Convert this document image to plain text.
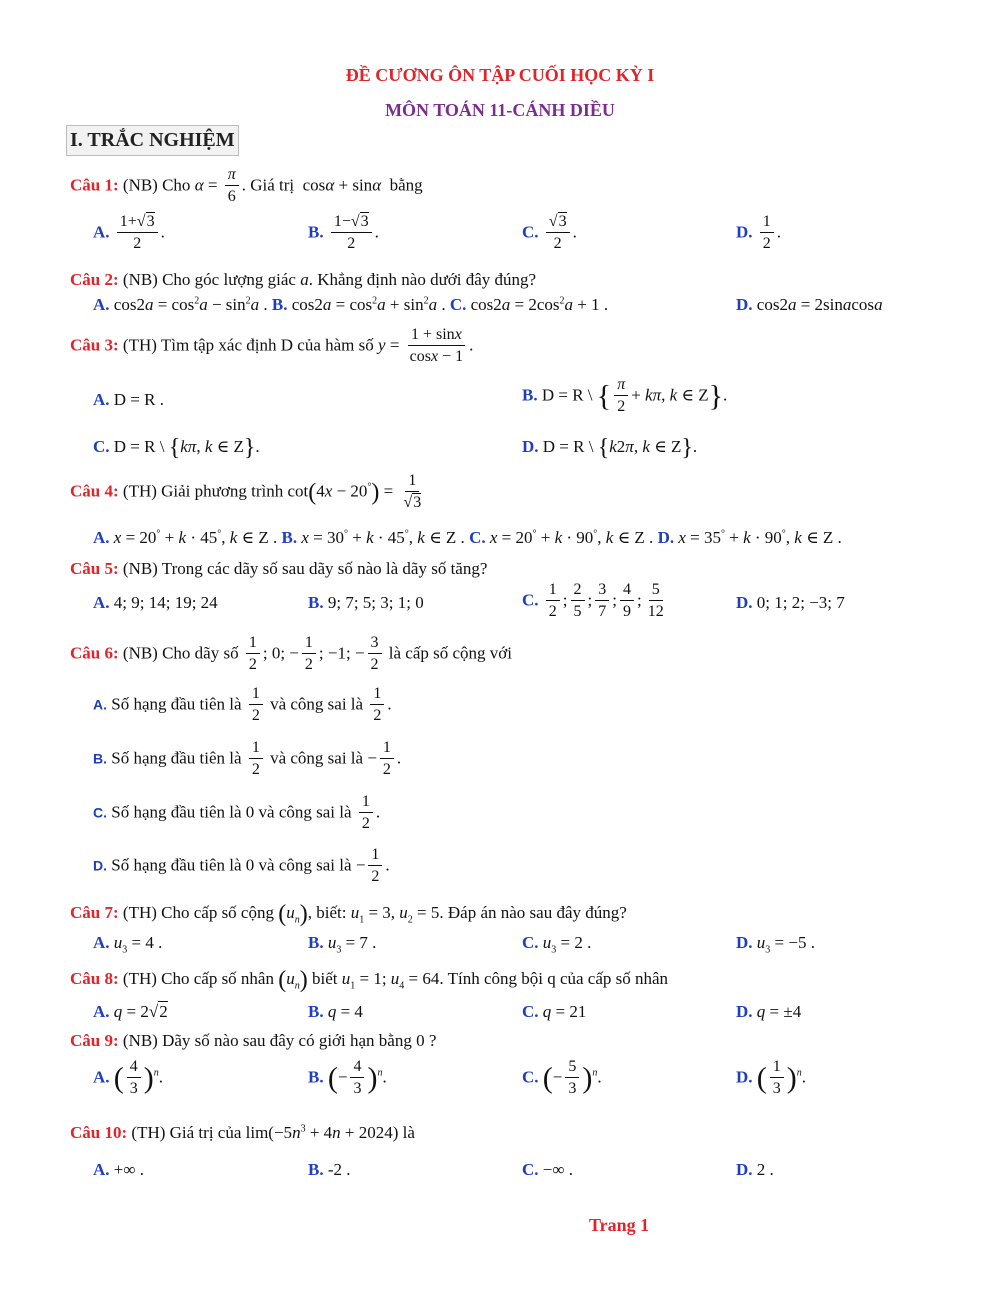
ĐỀ CƯƠNG ÔN TẬP CUỐI HỌC KỲ I
MÔN TOÁN 11-CÁNH DIỀU
I. TRẮC NGHIỆM
Câu 1: (NB) Cho $\alpha = \frac{\pi}{6}$ . Giá trị  cosα + sinα bằng
A. $\frac{1+√3}{2}$ .	B. $\frac{1-√3}{2}$ .	C. $\frac{√3}{2}$ .	D. $\frac{1}{2}$ .
Câu 2: (NB) Cho góc lượng giác a. Khẳng định nào dưới đây đúng?
A. $\cos 2a = \cos^2a - \sin^2a$ . B. $\cos 2a = \cos^2a + \sin^2a$ . C. $\cos 2a = 2\cos^2a + 1$ .	D. cos2a = 2sinacosa
Câu 3: (TH) Tìm tập xác định D của hàm số $y = \frac{1 + \sin x}{\cos x - 1}$ .
A. D = R .	B. D = R \ { $\frac{\pi}{2} + k\pi$, k ∈ Z}.
C. D = R \ {kπ, k ∈ Z}.	D. D = R \ {k2π, k ∈ Z}.
Câu 4: (TH) Giải phương trình $\cot(4x - 20^\circ) = \frac{1}{√3}$
A. x = 20° + k · 45°, k ∈ Z . B. x = 30° + k · 45°, k ∈ Z . C. x = 20° + k · 90°, k ∈ Z . D. x = 35° + k · 90°, k ∈ Z .
Câu 5: (NB) Trong các dãy số sau dãy số nào là dãy số tăng?
A. 4; 9; 14; 19; 24	B. 9; 7; 5; 3; 1; 0	C. $\frac{1}{2}$ ; $\frac{2}{5}$ ; $\frac{3}{7}$ ; $\frac{4}{9}$ ; $\frac{5}{12}$	D. 0; 1; 2; −3; 7
Câu 6: (NB) Cho dãy số $\frac{1}{2}$ ; 0; − $\frac{1}{2}$ ; −1; − $\frac{3}{2}$ là cấp số cộng với
A. Số hạng đầu tiên là $\frac{1}{2}$ và công sai là $\frac{1}{2}$ .
B. Số hạng đầu tiên là $\frac{1}{2}$ và công sai là − $\frac{1}{2}$ .
C. Số hạng đầu tiên là 0 và công sai là $\frac{1}{2}$ .
D. Số hạng đầu tiên là 0 và công sai là − $\frac{1}{2}$ .
Câu 7: (TH) Cho cấp số cộng $(u_n)$, biết: $u_1 = 3$, $u_2 = 5$. Đáp án nào sau đây đúng?
A. $u_3 = 4$ .	B. $u_3 = 7$ .	C. $u_3 = 2$ .	D. $u_3 = -5$ .
Câu 8: (TH) Cho cấp số nhân $(u_n)$ biết $u_1 = 1$; $u_4 = 64$. Tính công bội q của cấp số nhân
A. q = 2√2	B. q = 4	C. q = 21	D. q = ±4
Câu 9: (NB) Dãy số nào sau đây có giới hạn bằng 0 ?
A. ( $\frac{4}{3} )^n$.	B. (− $\frac{4}{3} )^n$.	C. (− $\frac{5}{3} )^n$.	D. ( $\frac{1}{3} )^n$.
Câu 10: (TH) Giá trị của $\lim(-5n^3 + 4n + 2024)$ là
A. +∞ .	B. -2 .	C. −∞ .	D. 2 .
Trang 1
